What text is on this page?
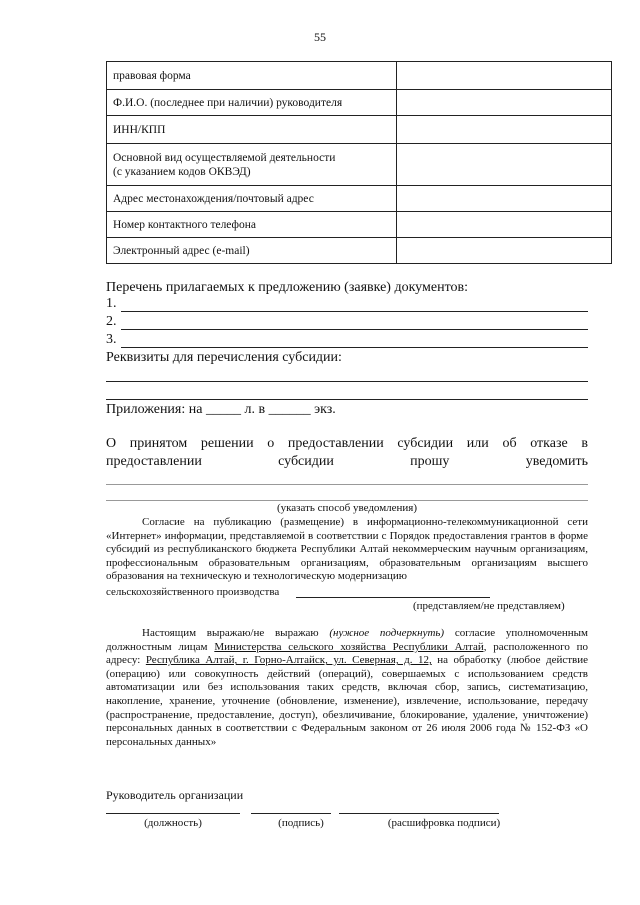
55
правовая форма	
Ф.И.О. (последнее при наличии) руководителя	
ИНН/КПП	

Основной вид осуществляемой деятельности
(с указанием кодов ОКВЭД)	

Адрес местонахождения/почтовый адрес	
Номер контактного телефона	
Электронный адрес (e-mail)	
Перечень прилагаемых к предложению (заявке) документов:
1.
2.
3.
Реквизиты для перечисления субсидии:
Приложения: на _____ л. в ______ экз.
О принятом решении о предоставлении субсидии или об отказе в
предоставлении	субсидии	прошу	уведомить
(указать способ уведомления)
Согласие на публикацию (размещение) в информационно-телекоммуникационной сети «Интернет» информации, представляемой в соответствии с Порядок предоставления грантов в форме субсидий из республиканского бюджета Республики Алтай некоммерческим научным организациям, профессиональным образовательным организациям, образовательным организациям высшего образования на техническую и технологическую модернизацию
сельскохозяйственного производства
(представляем/не представляем)
Настоящим выражаю/не выражаю (нужное подчеркнуть) согласие уполномоченным должностным лицам Министерства сельского хозяйства Республики Алтай, расположенного по адресу: Республика Алтай, г. Горно-Алтайск, ул. Северная, д. 12, на обработку (любое действие (операцию) или совокупность действий (операций), совершаемых с использованием средств автоматизации или без использования таких средств, включая сбор, запись, систематизацию, накопление, хранение, уточнение (обновление, изменение), извлечение, использование, передачу (распространение, предоставление, доступ), обезличивание, блокирование, удаление, уничтожение) персональных данных в соответствии с Федеральным законом от 26 июля 2006 года № 152-ФЗ «О персональных данных»
Руководитель организации
(должность)	(подпись)	(расшифровка подписи)
